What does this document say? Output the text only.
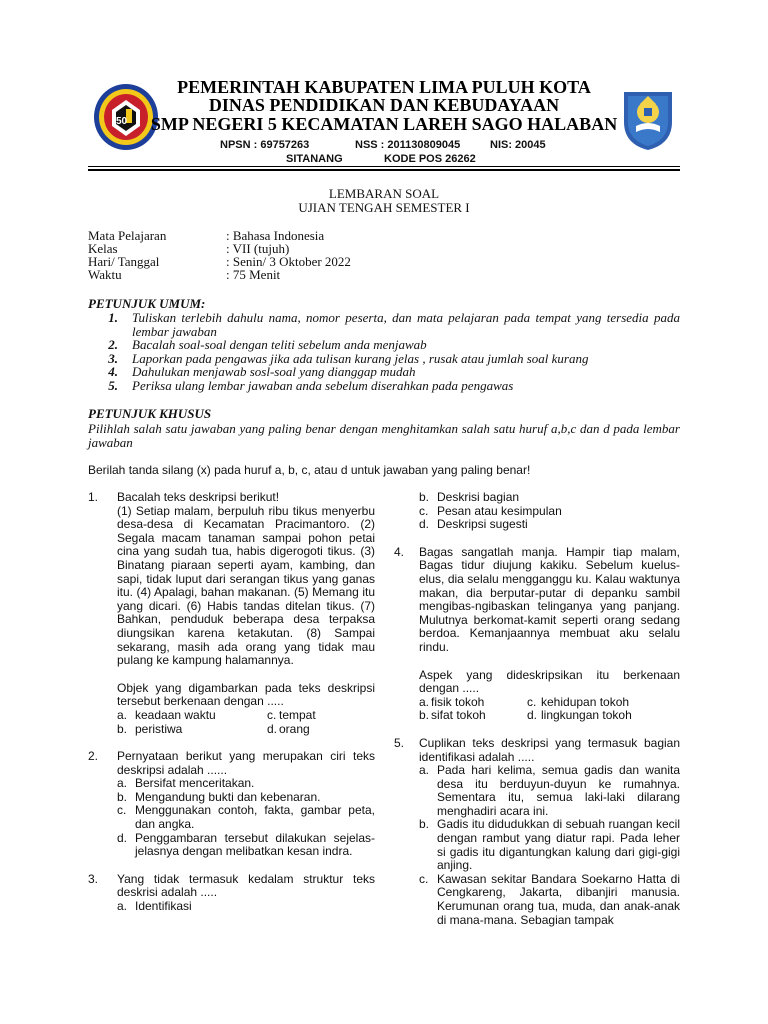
50
PEMERINTAH KABUPATEN LIMA PULUH KOTA
DINAS PENDIDIKAN DAN KEBUDAYAAN
SMP NEGERI 5 KECAMATAN LAREH SAGO HALABAN
NPSN : 69757263	NSS : 201130809045	NIS: 20045
SITANANG	KODE POS 26262
LEMBARAN SOAL
UJIAN TENGAH SEMESTER I
Mata Pelajaran	: Bahasa Indonesia
Kelas	: VII (tujuh)
Hari/ Tanggal	: Senin/ 3 Oktober 2022
Waktu	: 75 Menit
PETUNJUK UMUM:
1.	Tuliskan terlebih dahulu nama, nomor peserta, dan mata pelajaran pada tempat yang tersedia pada lembar jawaban
2.	Bacalah soal-soal dengan teliti sebelum anda menjawab
3.	Laporkan pada pengawas jika ada tulisan kurang jelas , rusak atau jumlah soal kurang
4.	Dahulukan menjawab sosl-soal yang dianggap mudah
5.	Periksa ulang lembar jawaban anda sebelum diserahkan pada pengawas
PETUNJUK KHUSUS
Pilihlah salah satu jawaban yang paling benar dengan menghitamkan salah satu huruf a,b,c dan d pada lembar jawaban
Berilah tanda silang (x) pada huruf a, b, c, atau d untuk jawaban yang paling benar!
1.	Bacalah teks deskripsi berikut!
(1) Setiap malam, berpuluh ribu tikus menyerbu desa-desa di Kecamatan Pracimantoro. (2) Segala macam tanaman sampai pohon petai cina yang sudah tua, habis digerogoti tikus. (3) Binatang piaraan seperti ayam, kambing, dan sapi, tidak luput dari serangan tikus yang ganas itu. (4) Apalagi, bahan makanan. (5) Memang itu yang dicari. (6) Habis tandas ditelan tikus. (7) Bahkan, penduduk beberapa desa terpaksa diungsikan karena ketakutan. (8) Sampai sekarang, masih ada orang yang tidak mau pulang ke kampung halamannya.
Objek yang digambarkan pada teks deskripsi tersebut berkenaan dengan .....
a. keadaan waktu	c. tempat
b. peristiwa	d. orang
2.	Pernyataan berikut yang merupakan ciri teks deskripsi adalah ......
a. Bersifat menceritakan.
b. Mengandung bukti dan kebenaran.
c. Menggunakan contoh, fakta, gambar peta, dan angka.
d. Penggambaran tersebut dilakukan sejelas-jelasnya dengan melibatkan kesan indra.
3.	Yang tidak termasuk kedalam struktur teks deskrisi adalah .....
a. Identifikasi
b. Deskrisi bagian
c. Pesan atau kesimpulan
d. Deskripsi sugesti
4.	Bagas sangatlah manja. Hampir tiap malam, Bagas tidur diujung kakiku. Sebelum kuelus-elus, dia selalu mengganggu ku. Kalau waktunya makan, dia berputar-putar di depanku sambil mengibas-ngibaskan telinganya yang panjang. Mulutnya berkomat-kamit seperti orang sedang berdoa. Kemanjaannya membuat aku selalu rindu.
Aspek yang dideskripsikan itu berkenaan dengan .....
a. fisik tokoh	c. kehidupan tokoh
b. sifat tokoh	d. lingkungan tokoh
5.	Cuplikan teks deskripsi yang termasuk bagian identifikasi adalah .....
a. Pada hari kelima, semua gadis dan wanita desa itu berduyun-duyun ke rumahnya. Sementara itu, semua laki-laki dilarang menghadiri acara ini.
b. Gadis itu didudukkan di sebuah ruangan kecil dengan rambut yang diatur rapi. Pada leher si gadis itu digantungkan kalung dari gigi-gigi anjing.
c. Kawasan sekitar Bandara Soekarno Hatta di Cengkareng, Jakarta, dibanjiri manusia. Kerumunan orang tua, muda, dan anak-anak di mana-mana. Sebagian tampak
